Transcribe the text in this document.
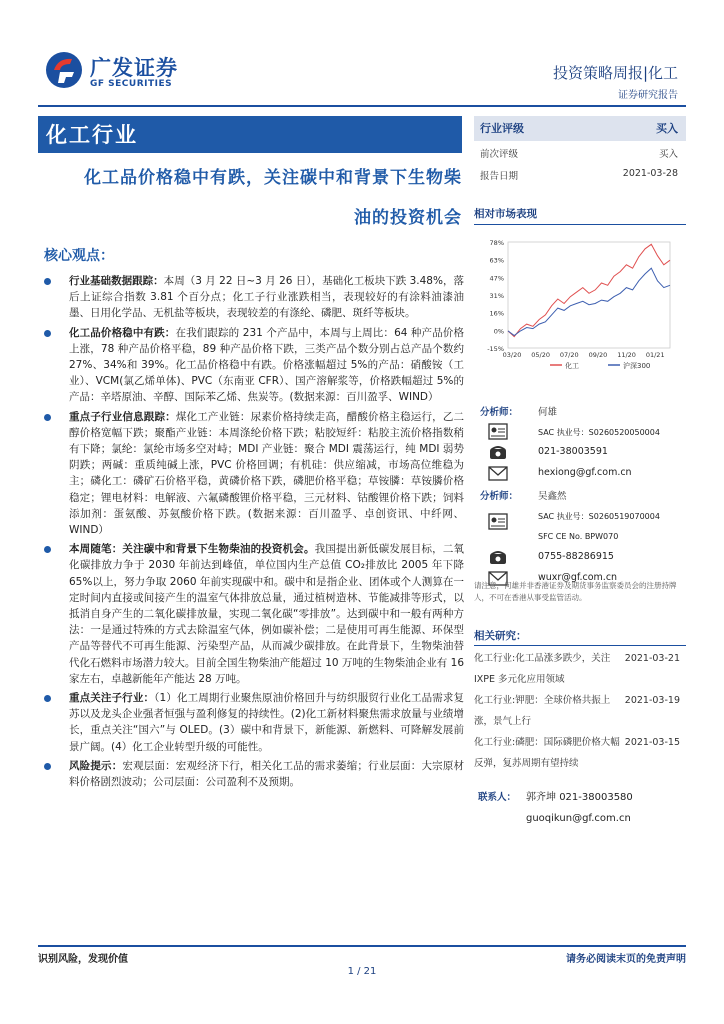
广发证券
GF SECURITIES
投资策略周报|化工
证券研究报告
化工行业
化工品价格稳中有跌，关注碳中和背景下生物柴
油的投资机会
核心观点：
行业基础数据跟踪：本周（3 月 22 日~3 月 26 日），基础化工板块下跌 3.48%，落后上证综合指数 3.81 个百分点；化工子行业涨跌相当，表现较好的有涂料油漆油墨、日用化学品、无机盐等板块，表现较差的有涤纶、磷肥、斑纤等板块。
化工品价格稳中有跌：在我们跟踪的 231 个产品中，本周与上周比：64 种产品价格上涨，78 种产品价格平稳，89 种产品价格下跌，三类产品个数分别占总产品个数约 27%、34%和 39%。化工品价格稳中有跌。价格涨幅超过 5%的产品：硝酸铵（工业）、VCM(氯乙烯单体)、PVC（东南亚 CFR）、国产溶解浆等，价格跌幅超过 5%的产品：辛塔原油、辛醇、国际苯乙烯、焦炭等。(数据来源：百川盈孚、WIND）
重点子行业信息跟踪：煤化工产业链：尿素价格持续走高，醋酸价格主稳运行，乙二醇价格宽幅下跌；聚酯产业链：本周涤纶价格下跌；粘胶短纤：粘胶主流价格指数稍有下降；氯纶：氯纶市场多空对峙；MDI 产业链：聚合 MDI 震荡运行，纯 MDI 弱势阴跌；两碱：重质纯碱上涨，PVC 价格回调；有机硅：供应缩减，市场高位维稳为主；磷化工：磷矿石价格平稳，黄磷价格下跌，磷肥价格平稳；草铵膦：草铵膦价格稳定；锂电材料：电解液、六氟磷酸锂价格平稳，三元材料、钴酸锂价格下跌；饲料添加剂：蛋氨酸、苏氨酸价格下跌。(数据来源：百川盈孚、卓创资讯、中纤网、WIND）
本周随笔：关注碳中和背景下生物柴油的投资机会。我国提出新低碳发展目标，二氧化碳排放力争于 2030 年前达到峰值，单位国内生产总值 CO₂排放比 2005 年下降 65%以上，努力争取 2060 年前实现碳中和。碳中和是指企业、团体或个人测算在一定时间内直接或间接产生的温室气体排放总量，通过植树造林、节能减排等形式，以抵消自身产生的二氧化碳排放量，实现二氧化碳“零排放”。达到碳中和一般有两种方法：一是通过特殊的方式去除温室气体，例如碳补偿；二是使用可再生能源、环保型产品等替代不可再生能源、污染型产品，从而减少碳排放。在此背景下，生物柴油替代化石燃料市场潜力较大。目前全国生物柴油产能超过 10 万吨的生物柴油企业有 16 家左右，卓越新能年产能达 28 万吨。
重点关注子行业：（1）化工周期行业聚焦原油价格回升与纺织服贸行业化工品需求复苏以及龙头企业强者恒强与盈利修复的持续性。(2)化工新材料聚焦需求放量与业绩增长，重点关注“国六”与 OLED。(3）碳中和背景下，新能源、新燃料、可降解发展前景广阔。(4）化工企业转型升级的可能性。
风险提示：宏观层面：宏观经济下行，相关化工品的需求萎缩；行业层面：大宗原材料价格剧烈波动；公司层面：公司盈利不及预期。
行业评级	买入
前次评级	买入
报告日期	2021-03-28
相对市场表现
78%
63%
47%
31%
16%
0%
-15%
03/20 05/20 07/20 09/20 11/20 01/21
化工	沪深300
分析师： 何雄
SAC 执业号：S0260520050004
021-38003591
hexiong@gf.com.cn
分析师： 吴鑫然
SAC 执业号：S0260519070004
SFC CE No. BPW070
0755-88286915
wuxr@gf.com.cn
请注意，何雄并非香港证券及期货事务监察委员会的注册持牌人，不可在香港从事受监管活动。
相关研究：
化工行业:化工品涨多跌少，关注 IXPE 多元化应用领域
2021-03-21
化工行业:钾肥：全球价格共振上涨，景气上行
2021-03-19
化工行业:磷肥：国际磷肥价格大幅反弹，复苏周期有望持续
2021-03-15
联系人： 郭齐坤 021-38003580
guoqikun@gf.com.cn
识别风险，发现价值	请务必阅读末页的免责声明
1 / 21
